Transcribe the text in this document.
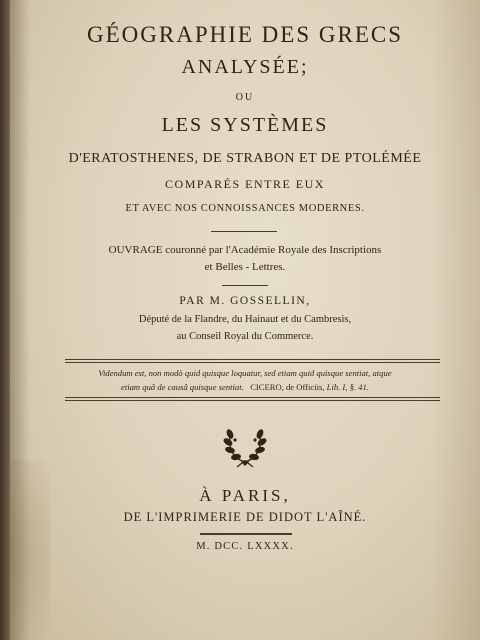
GÉOGRAPHIE DES GRECS
ANALYSÉE;
OU
LES SYSTÈMES
D'ERATOSTHENES, DE STRABON ET DE PTOLÉMÉE
COMPARÉS ENTRE EUX
ET AVEC NOS CONNOISSANCES MODERNES.
OUVRAGE couronné par l'Académie Royale des Inscriptions
et Belles - Lettres.
PAR M. GOSSELLIN,
Député de la Flandre, du Hainaut et du Cambresis,
au Conseil Royal du Commerce.
Videndum est, non modò quid quisque loquatur, sed etiam quid quisque sentiat, atque
etiam quâ de causâ quisque sentiat. CICERO, de Officiis, Lib. I, §. 41.
À PARIS,
DE L'IMPRIMERIE DE DIDOT L'AÎNÉ.
M. DCC. LXXXX.
